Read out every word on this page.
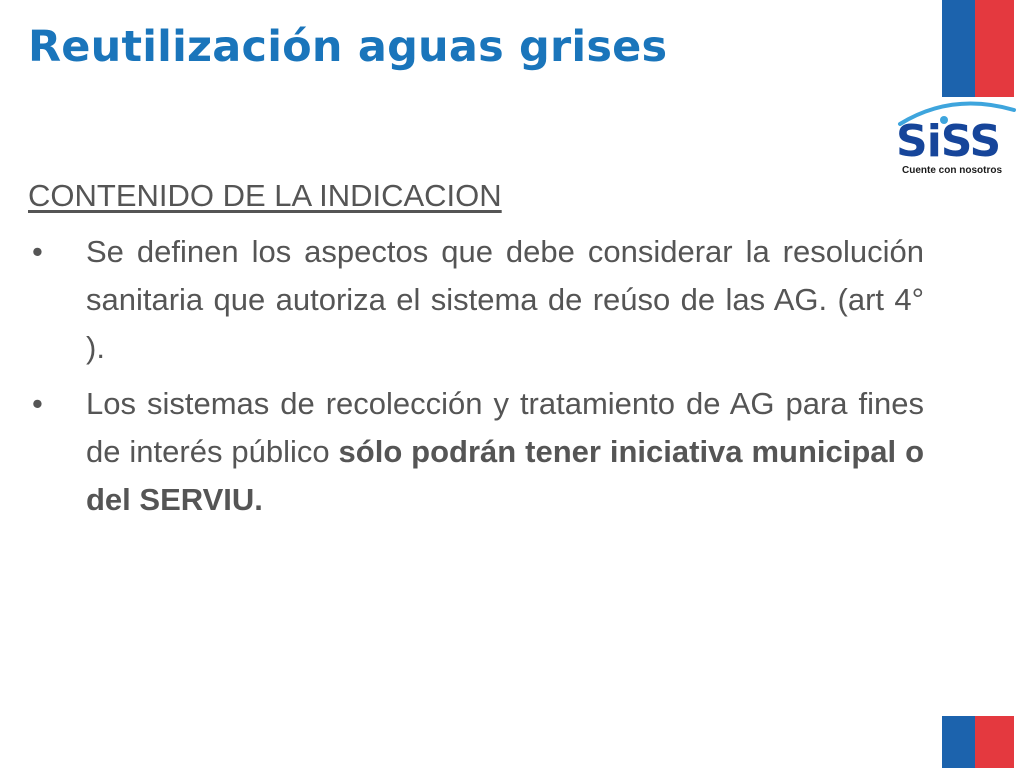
Reutilización aguas grises
SiSS
Cuente con nosotros
CONTENIDO DE LA INDICACION
• Se definen los aspectos que debe considerar la resolución sanitaria que autoriza el sistema de reúso de las AG. (art 4° ).
• Los sistemas de recolección y tratamiento de AG para fines de interés público sólo podrán tener iniciativa municipal o del SERVIU.
